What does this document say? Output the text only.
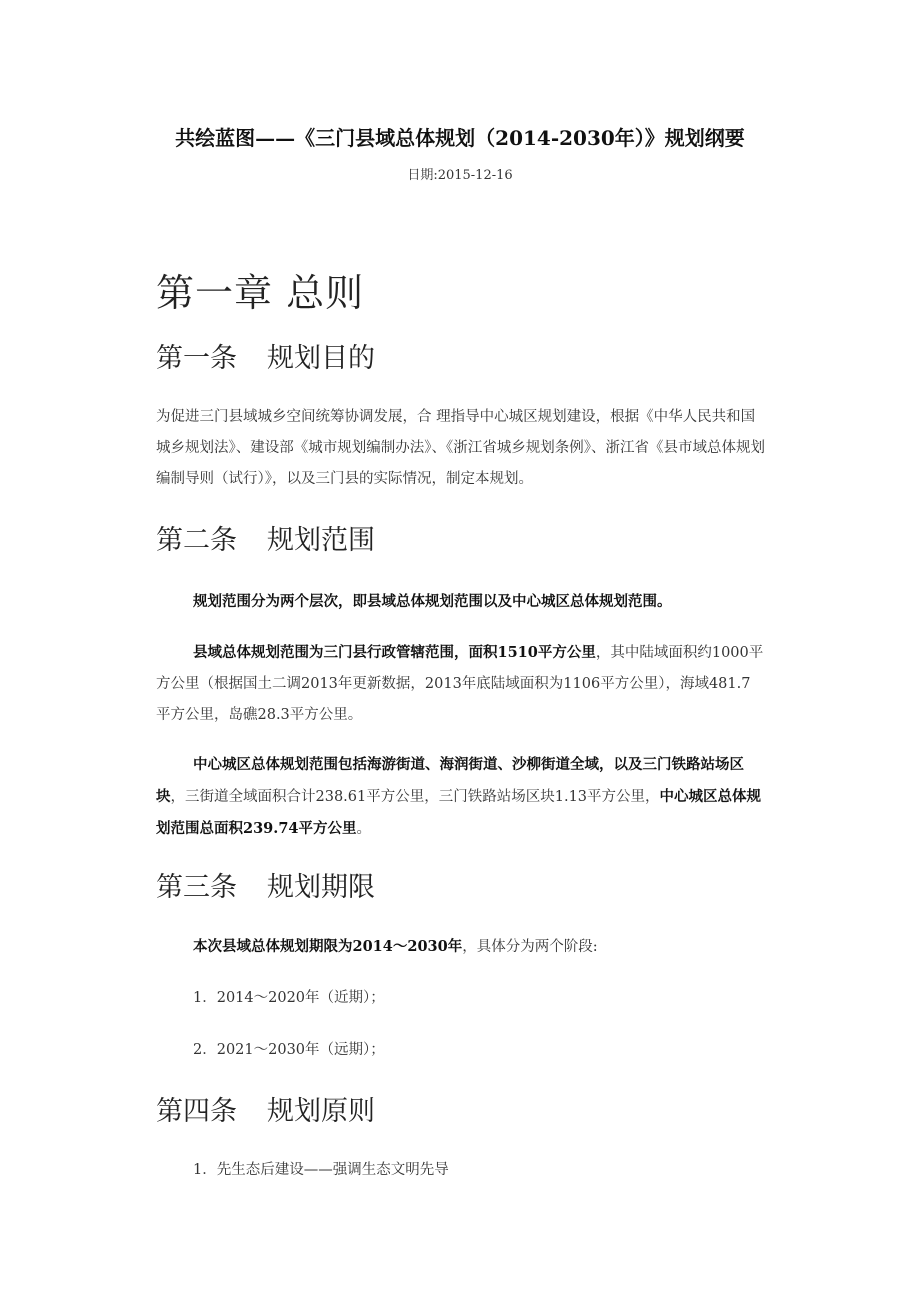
共绘蓝图——《三门县域总体规划（2014-2030年）》规划纲要
日期:2015-12-16
第一章 总则
第一条 规划目的
为促进三门县域城乡空间统筹协调发展，合 理指导中心城区规划建设，根据《中华人民共和国城乡规划法》、建设部《城市规划编制办法》、《浙江省城乡规划条例》、浙江省《县市域总体规划编制导则（试行）》，以及三门县的实际情况，制定本规划。
第二条 规划范围
规划范围分为两个层次，即县域总体规划范围以及中心城区总体规划范围。
县域总体规划范围为三门县行政管辖范围，面积1510平方公里，其中陆域面积约1000平方公里（根据国土二调2013年更新数据，2013年底陆域面积为1106平方公里），海域481.7 平方公里，岛礁28.3平方公里。
中心城区总体规划范围包括海游街道、海润街道、沙柳街道全域，以及三门铁路站场区块，三街道全域面积合计238.61平方公里，三门铁路站场区块1.13平方公里，中心城区总体规划范围总面积239.74平方公里。
第三条 规划期限
本次县域总体规划期限为2014～2030年，具体分为两个阶段:
1．2014～2020年（近期）；
2．2021～2030年（远期）；
第四条 规划原则
1．先生态后建设——强调生态文明先导
